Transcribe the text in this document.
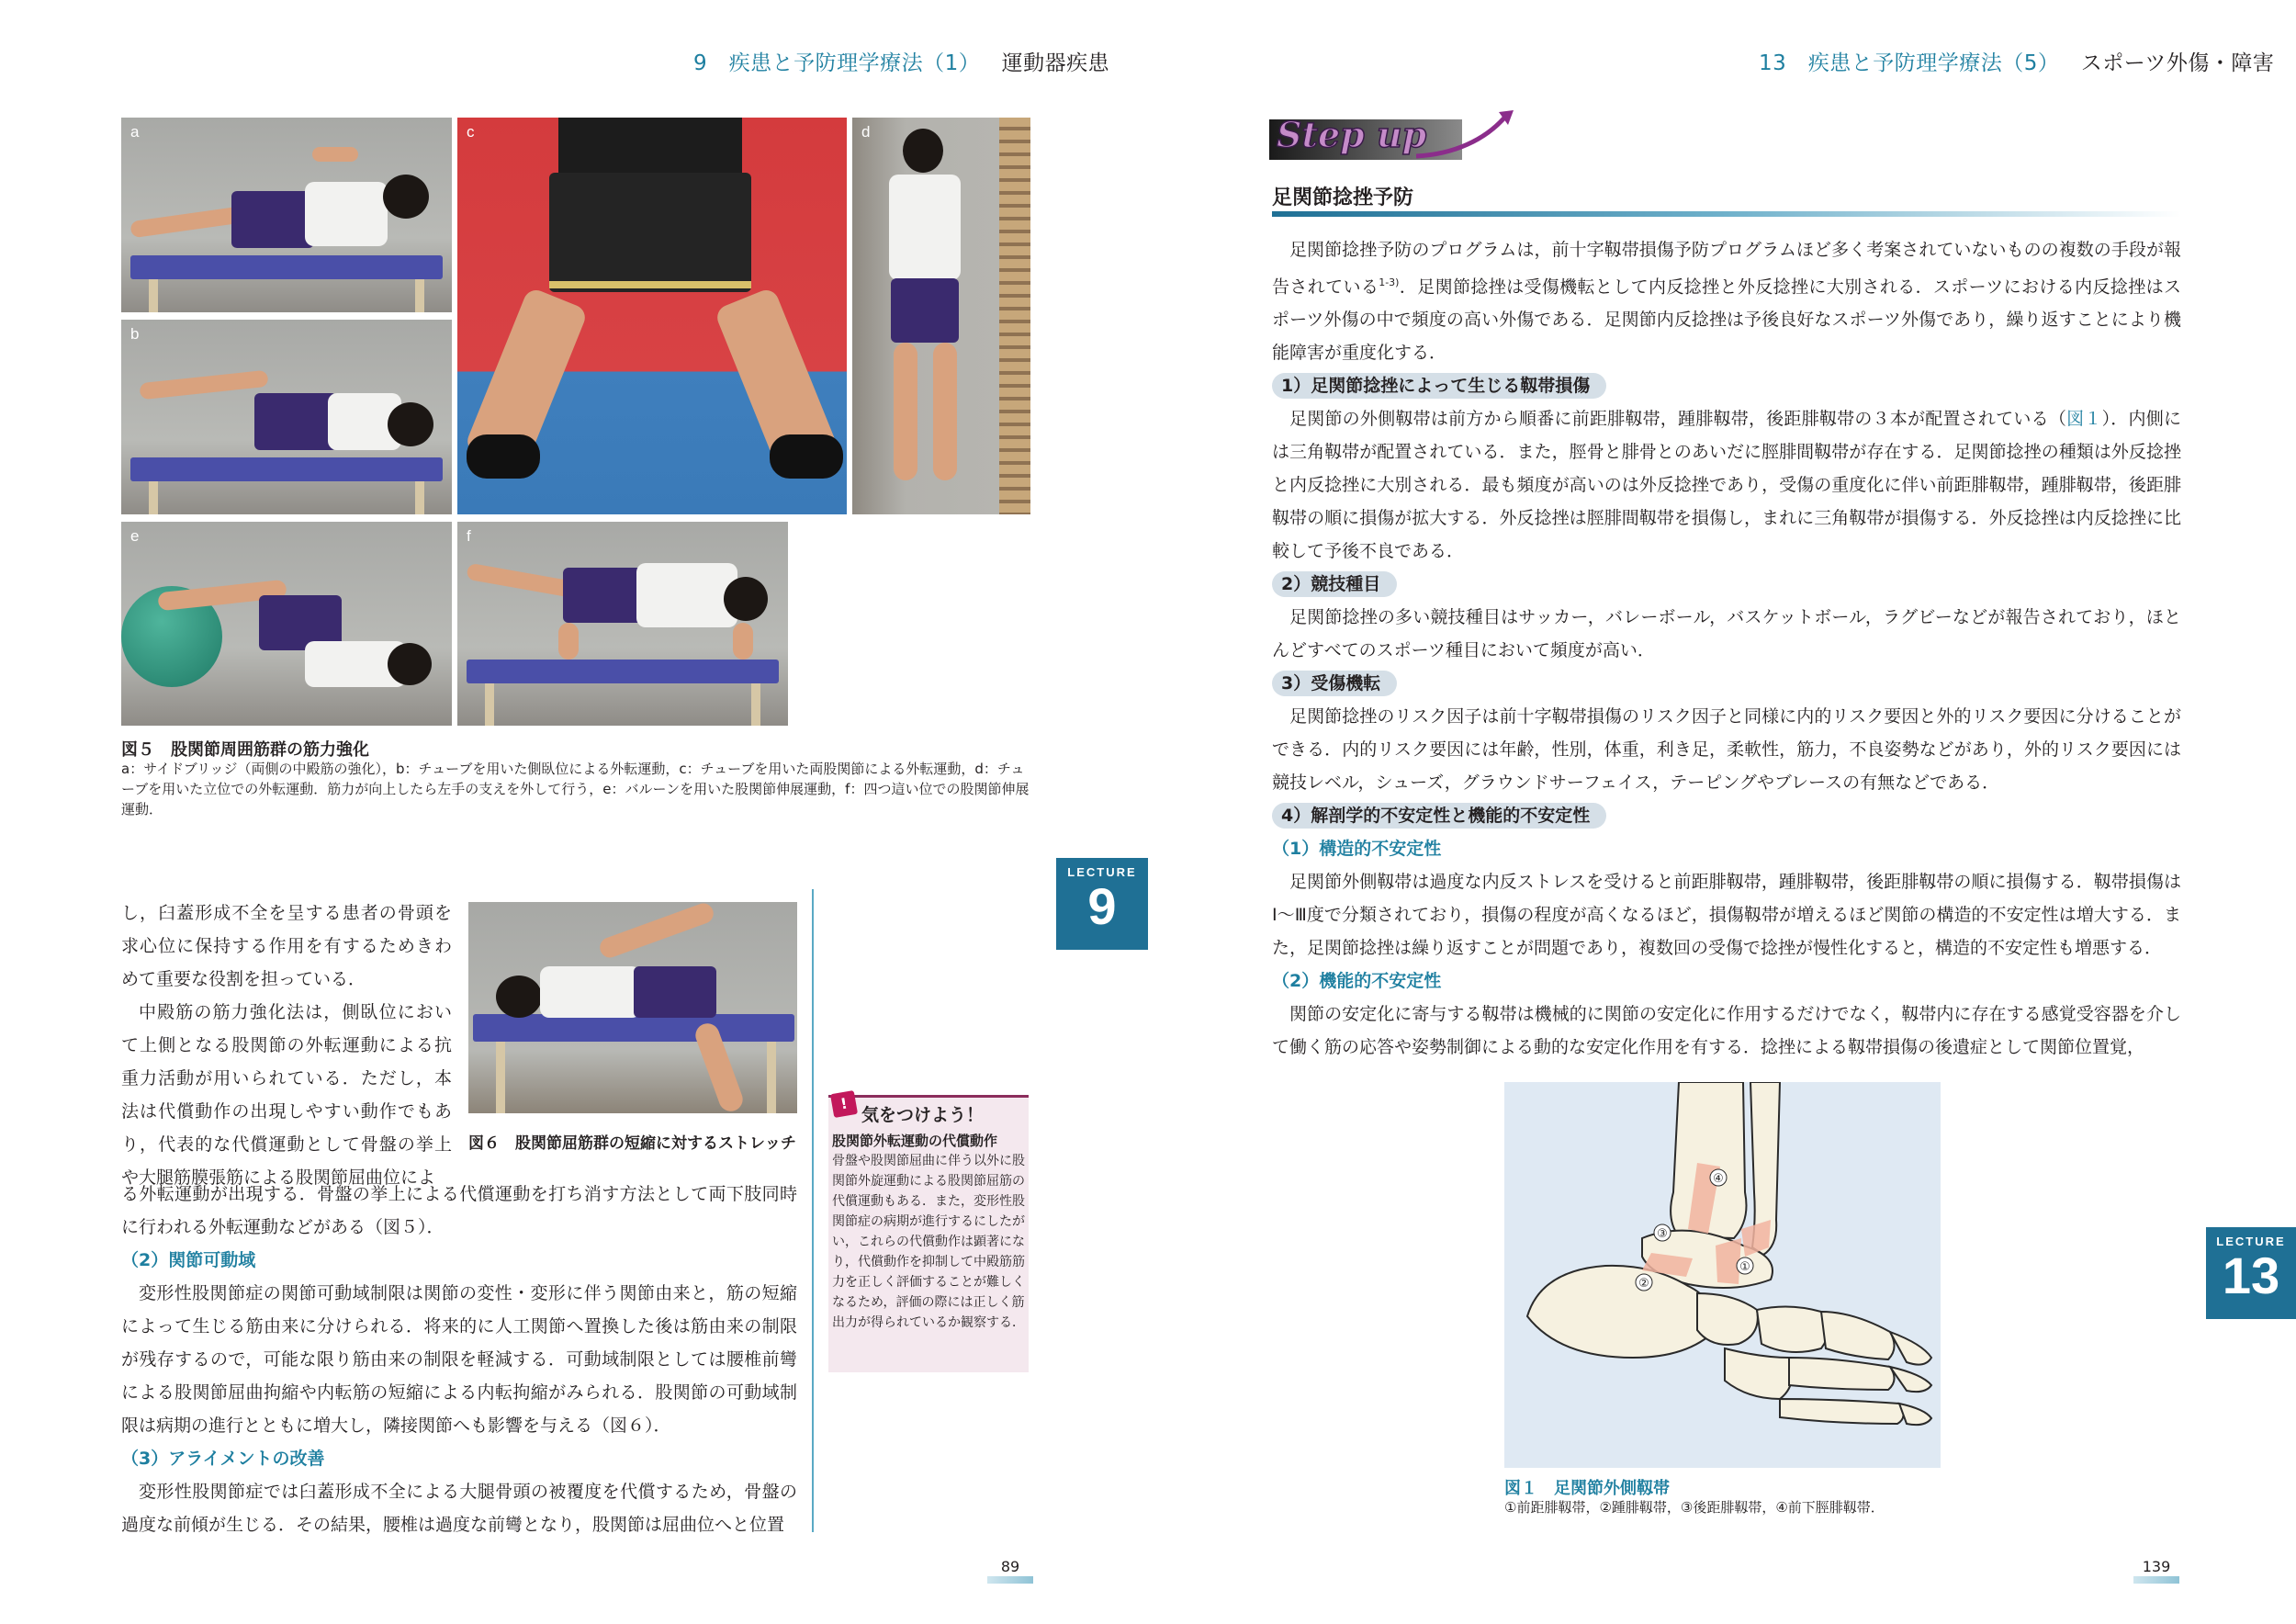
9 疾患と予防理学療法（1） 運動器疾患
a
b
c	d
e	f
図５　股関節周囲筋群の筋力強化
a：サイドブリッジ（両側の中殿筋の強化），b：チューブを用いた側臥位による外転運動，c：チューブを用いた両股関節による外転運動，d：チューブを用いた立位での外転運動．筋力が向上したら左手の支えを外して行う，e：バルーンを用いた股関節伸展運動，f：四つ這い位での股関節伸展運動．
LECTURE
9
図６　股関節屈筋群の短縮に対するストレッチ

し，臼蓋形成不全を呈する患者の骨頭を求心位に保持する作用を有するためきわめて重要な役割を担っている．

中殿筋の筋力強化法は，側臥位において上側となる股関節の外転運動による抗重力活動が用いられている．ただし，本法は代償動作の出現しやすい動作でもあり，代表的な代償運動として骨盤の挙上や大腿筋膜張筋による股関節屈曲位によ

る外転運動が出現する．骨盤の挙上による代償運動を打ち消す方法として両下肢同時に行われる外転運動などがある（図５）．

（2）関節可動域

変形性股関節症の関節可動域制限は関節の変性・変形に伴う関節由来と，筋の短縮によって生じる筋由来に分けられる．将来的に人工関節へ置換した後は筋由来の制限が残存するので，可能な限り筋由来の制限を軽減する．可動域制限としては腰椎前彎による股関節屈曲拘縮や内転筋の短縮による内転拘縮がみられる．股関節の可動域制限は病期の進行とともに増大し，隣接関節へも影響を与える（図６）．

（3）アライメントの改善

変形性股関節症では臼蓋形成不全による大腿骨頭の被覆度を代償するため，骨盤の過度な前傾が生じる．その結果，腰椎は過度な前彎となり，股関節は屈曲位へと位置

!
気をつけよう！
股関節外転運動の代償動作
骨盤や股関節屈曲に伴う以外に股関節外旋運動による股関節屈筋の代償運動もある．また，変形性股関節症の病期が進行するにしたがい，これらの代償動作は顕著になり，代償動作を抑制して中殿筋筋力を正しく評価することが難しくなるため，評価の際には正しく筋出力が得られているか観察する．
89
13 疾患と予防理学療法（5） スポーツ外傷・障害
Step up
足関節捻挫予防

足関節捻挫予防のプログラムは，前十字靱帯損傷予防プログラムほど多く考案されていないものの複数の手段が報告されている$^{1-3)}$．足関節捻挫は受傷機転として内反捻挫と外反捻挫に大別される．スポーツにおける内反捻挫はスポーツ外傷の中で頻度の高い外傷である．足関節内反捻挫は予後良好なスポーツ外傷であり，繰り返すことにより機能障害が重度化する．

1）足関節捻挫によって生じる靱帯損傷

足関節の外側靱帯は前方から順番に前距腓靱帯，踵腓靱帯，後距腓靱帯の３本が配置されている（図１）．内側には三角靱帯が配置されている．また，脛骨と腓骨とのあいだに脛腓間靱帯が存在する．足関節捻挫の種類は外反捻挫と内反捻挫に大別される．最も頻度が高いのは外反捻挫であり，受傷の重度化に伴い前距腓靱帯，踵腓靱帯，後距腓靱帯の順に損傷が拡大する．外反捻挫は脛腓間靱帯を損傷し，まれに三角靱帯が損傷する．外反捻挫は内反捻挫に比較して予後不良である．

2）競技種目

足関節捻挫の多い競技種目はサッカー，バレーボール，バスケットボール，ラグビーなどが報告されており，ほとんどすべてのスポーツ種目において頻度が高い．

3）受傷機転

足関節捻挫のリスク因子は前十字靱帯損傷のリスク因子と同様に内的リスク要因と外的リスク要因に分けることができる．内的リスク要因には年齢，性別，体重，利き足，柔軟性，筋力，不良姿勢などがあり，外的リスク要因には競技レベル，シューズ，グラウンドサーフェイス，テーピングやブレースの有無などである．

4）解剖学的不安定性と機能的不安定性
（1）構造的不安定性

足関節外側靱帯は過度な内反ストレスを受けると前距腓靱帯，踵腓靱帯，後距腓靱帯の順に損傷する．靱帯損傷はⅠ〜Ⅲ度で分類されており，損傷の程度が高くなるほど，損傷靱帯が増えるほど関節の構造的不安定性は増大する．また，足関節捻挫は繰り返すことが問題であり，複数回の受傷で捻挫が慢性化すると，構造的不安定性も増悪する．

（2）機能的不安定性

関節の安定化に寄与する靱帯は機械的に関節の安定化に作用するだけでなく，靱帯内に存在する感覚受容器を介して働く筋の応答や姿勢制御による動的な安定化作用を有する．捻挫による靱帯損傷の後遺症として関節位置覚，

④
③
①
②
図１　足関節外側靱帯
①前距腓靱帯，②踵腓靱帯，③後距腓靱帯，④前下脛腓靱帯．
LECTURE
13
139
